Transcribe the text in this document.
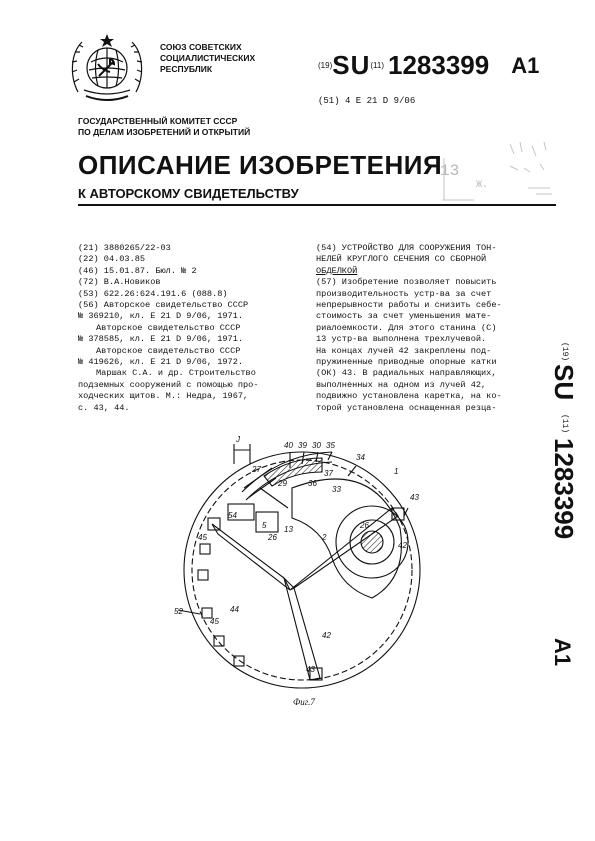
СОЮЗ СОВЕТСКИХ
СОЦИАЛИСТИЧЕСКИХ
РЕСПУБЛИК	(19)SU(11) 1283399 A1
(51) 4 Е 21 D 9/06
ГОСУДАРСТВЕННЫЙ КОМИТЕТ СССР
ПО ДЕЛАМ ИЗОБРЕТЕНИЙ И ОТКРЫТИЙ
13
Ж.
ОПИСАНИЕ ИЗОБРЕТЕНИЯ
К АВТОРСКОМУ СВИДЕТЕЛЬСТВУ
(21) 3880265/22-03
(22) 04.03.85
(46) 15.01.87. Бюл. № 2
(72) В.А.Новиков
(53) 622.26:624.191.6 (088.8)
(56) Авторское свидетельство СССР
№ 369210, кл. Е 21 D 9/06, 1971.
Авторское свидетельство СССР
№ 378585, кл. Е 21 D 9/06, 1971.
Авторское свидетельство СССР
№ 419626, кл. Е 21 D 9/06, 1972.
Маршак С.А. и др. Строительство
подземных сооружений с помощью про-
ходческих щитов. М.: Недра, 1967,
с. 43, 44.
(54) УСТРОЙСТВО ДЛЯ СООРУЖЕНИЯ ТОН-
НЕЛЕЙ КРУГЛОГО СЕЧЕНИЯ СО СБОРНОЙ
ОБДЕЛКОЙ
(57) Изобретение позволяет повысить
производительность устр-ва за счет
непрерывности работы и снизить себе-
стоимость за счет уменьшения мате-
риалоемкости. Для этого станина (С)
13 устр-ва выполнена трехлучевой.
На концах лучей 42 закреплены под-
пружиненные приводные опорные катки
(ОК) 43. В радиальных направляющих,
выполненных на одном из лучей 42,
подвижно установлена каретка, на ко-
торой установлена оснащенная резца-
(19)
SU
(11)
1283399
A1
J
40 39 30 35
34
37
36
33
1
43
29
54
5
26
13
2
42
45
52	44
45
42
43
26
27
Фиг.7
